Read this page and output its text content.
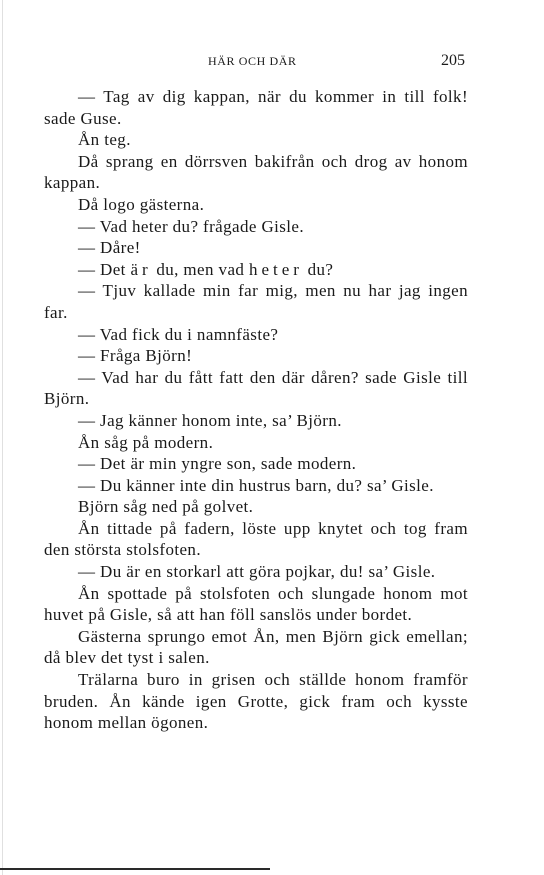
HÄR OCH DÄR	205

— Tag av dig kappan, när du kommer in till folk! sade Guse.

Ån teg.

Då sprang en dörrsven bakifrån och drog av honom kappan.

Då logo gästerna.

— Vad heter du? frågade Gisle.

— Dåre!

— Det är du, men vad heter du?

— Tjuv kallade min far mig, men nu har jag ingen far.

— Vad fick du i namnfäste?

— Fråga Björn!

— Vad har du fått fatt den där dåren? sade Gisle till Björn.

— Jag känner honom inte, sa’ Björn.

Ån såg på modern.

— Det är min yngre son, sade modern.

— Du känner inte din hustrus barn, du? sa’ Gisle.

Björn såg ned på golvet.

Ån tittade på fadern, löste upp knytet och tog fram den största stolsfoten.

— Du är en storkarl att göra pojkar, du! sa’ Gisle.

Ån spottade på stolsfoten och slungade honom mot huvet på Gisle, så att han föll sanslös under bordet.

Gästerna sprungo emot Ån, men Björn gick emellan; då blev det tyst i salen.

Trälarna buro in grisen och ställde honom framför bruden. Ån kände igen Grotte, gick fram och kysste honom mellan ögonen.
